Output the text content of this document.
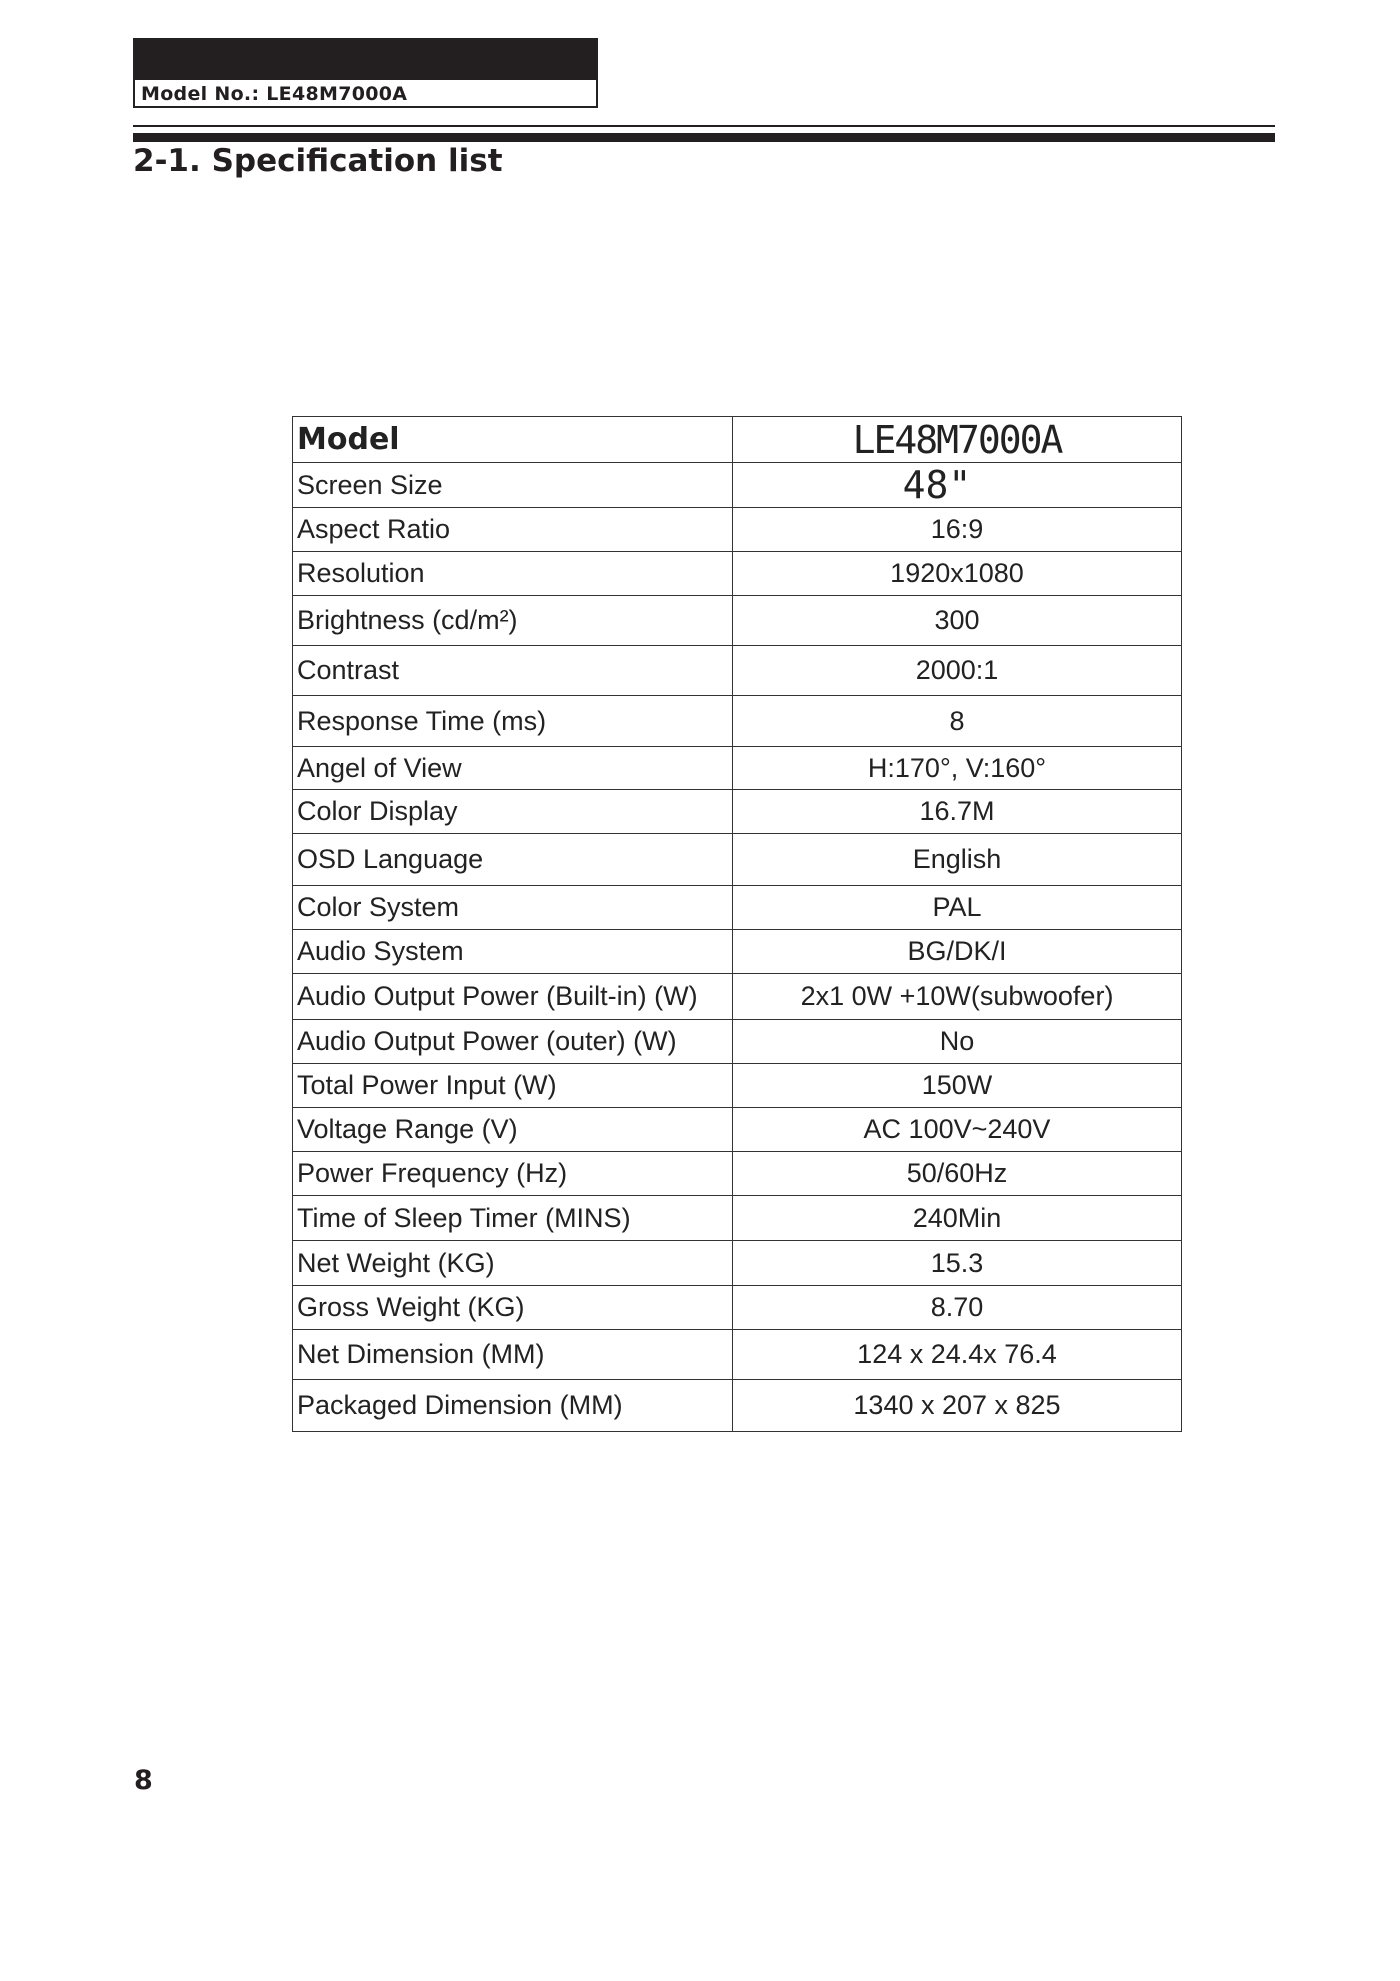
Model No.: LE48M7000A
2-1. Specification list
Model	LE48M7000A
Screen Size	48"
Aspect Ratio	16:9
Resolution	1920x1080
Brightness (cd/m²)	300
Contrast	2000:1
Response Time (ms)	8
Angel of View	H:170°, V:160°
Color Display	16.7M
OSD Language	English
Color System	PAL
Audio System	BG/DK/I
Audio Output Power (Built-in) (W)	2x1 0W +10W(subwoofer)
Audio Output Power (outer) (W)	No
Total Power Input (W)	150W
Voltage Range (V)	AC 100V~240V
Power Frequency (Hz)	50/60Hz
Time of Sleep Timer (MINS)	240Min
Net Weight (KG)	15.3
Gross Weight (KG)	8.70
Net Dimension (MM)	124 x 24.4x 76.4
Packaged Dimension (MM)	1340 x 207 x 825
8
